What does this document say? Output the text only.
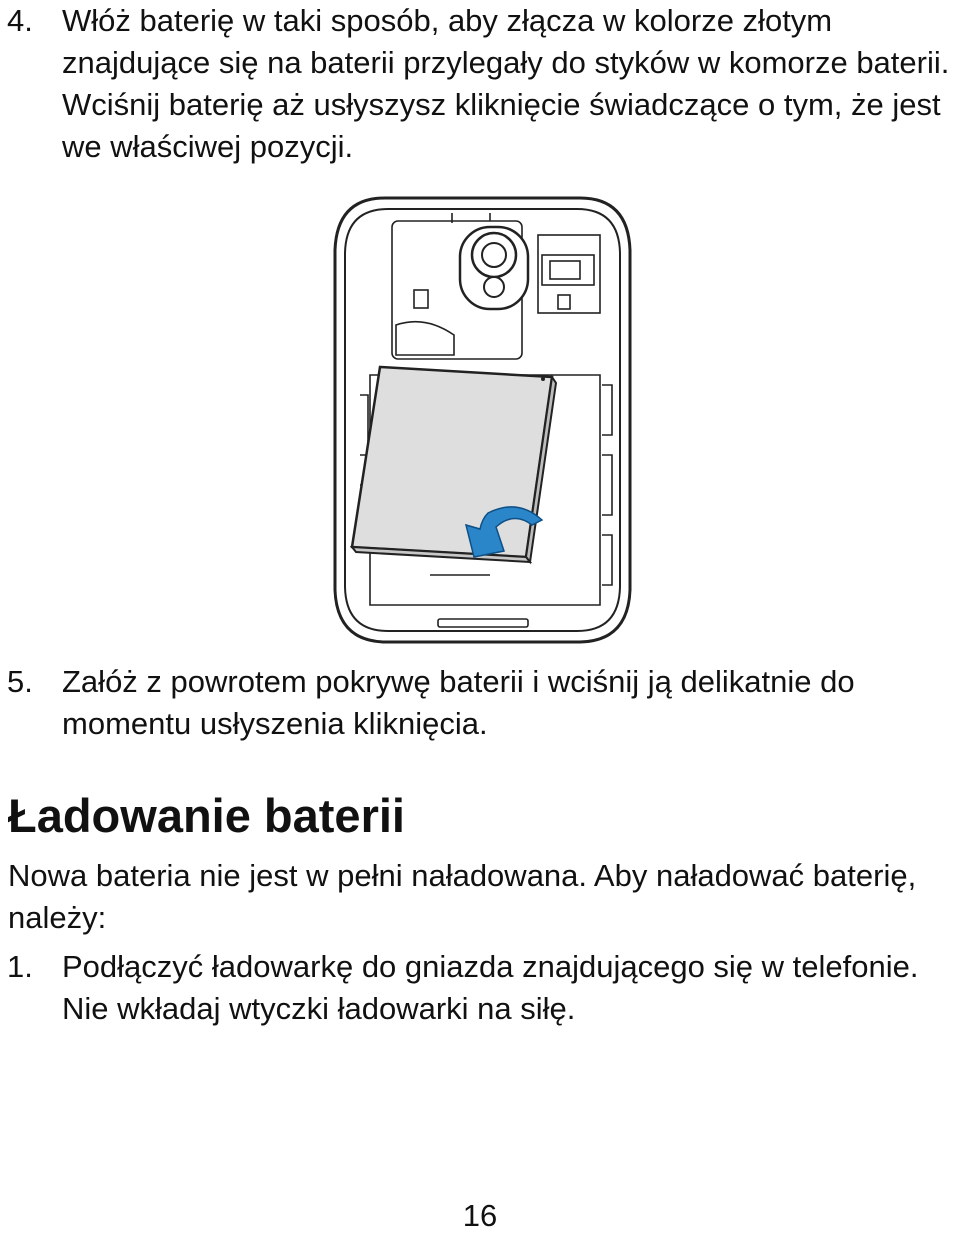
4. Włóż baterię w taki sposób, aby złącza w kolorze złotym znajdujące się na baterii przylegały do styków w komorze baterii. Wciśnij baterię aż usłyszysz kliknięcie świadczące o tym, że jest we właściwej pozycji.
5. Załóż z powrotem pokrywę baterii i wciśnij ją delikatnie do momentu usłyszenia kliknięcia.
Ładowanie baterii

Nowa bateria nie jest w pełni naładowana. Aby naładować baterię, należy:

1. Podłączyć ładowarkę do gniazda znajdującego się w telefonie. Nie wkładaj wtyczki ładowarki na siłę.
16
